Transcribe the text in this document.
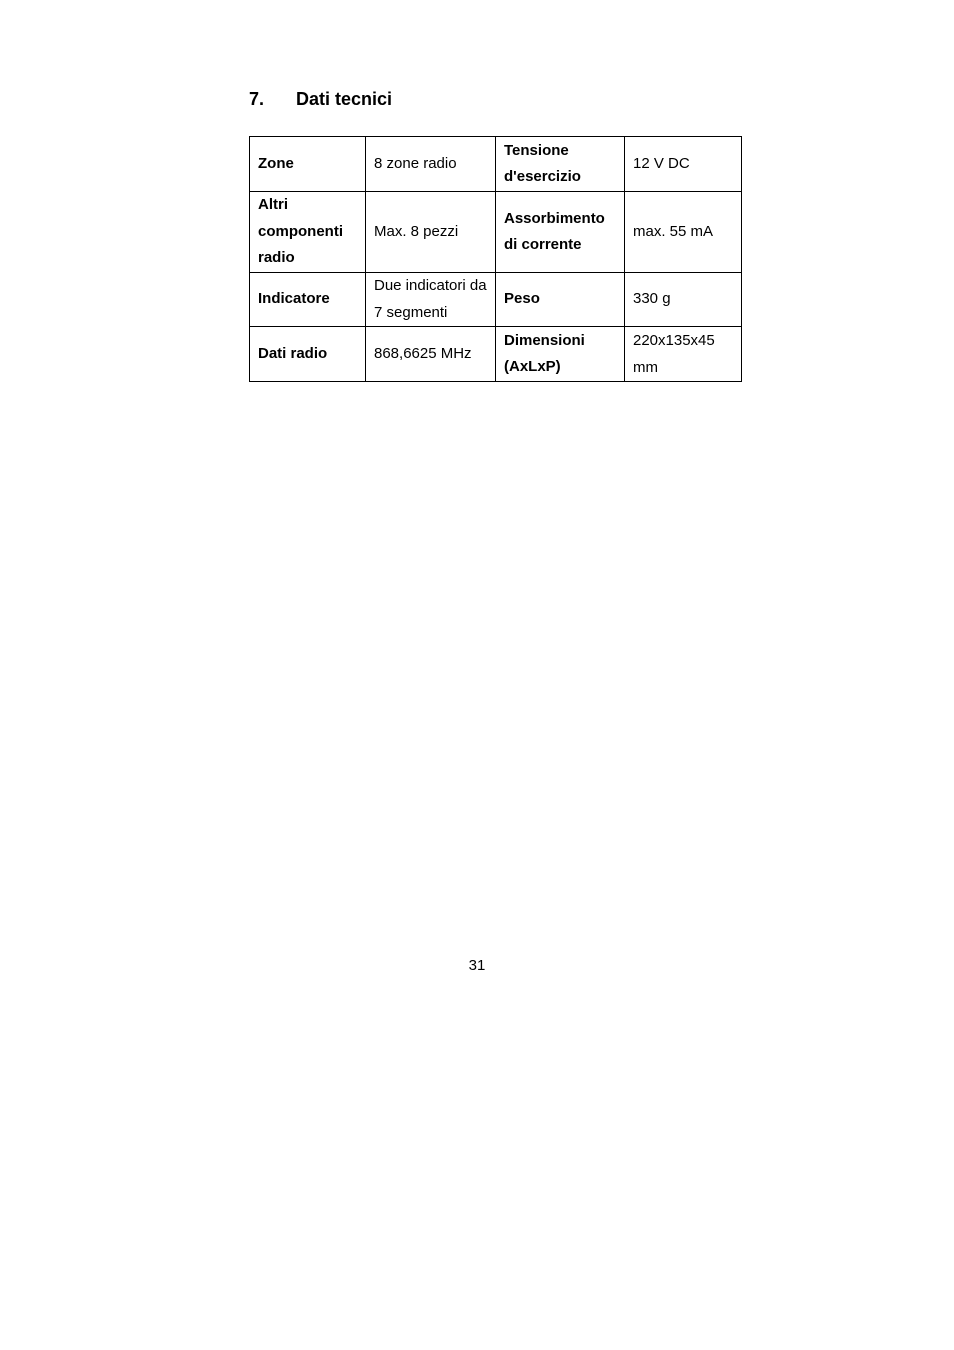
7. Dati tecnici
Zone	8 zone radio	Tensione d'esercizio	12 V DC
Altri componenti radio	Max. 8 pezzi	Assorbimento di corrente	max. 55 mA
Indicatore	Due indicatori da 7 segmenti	Peso	330 g
Dati radio	868,6625 MHz	Dimensioni (AxLxP)	220x135x45 mm
31
